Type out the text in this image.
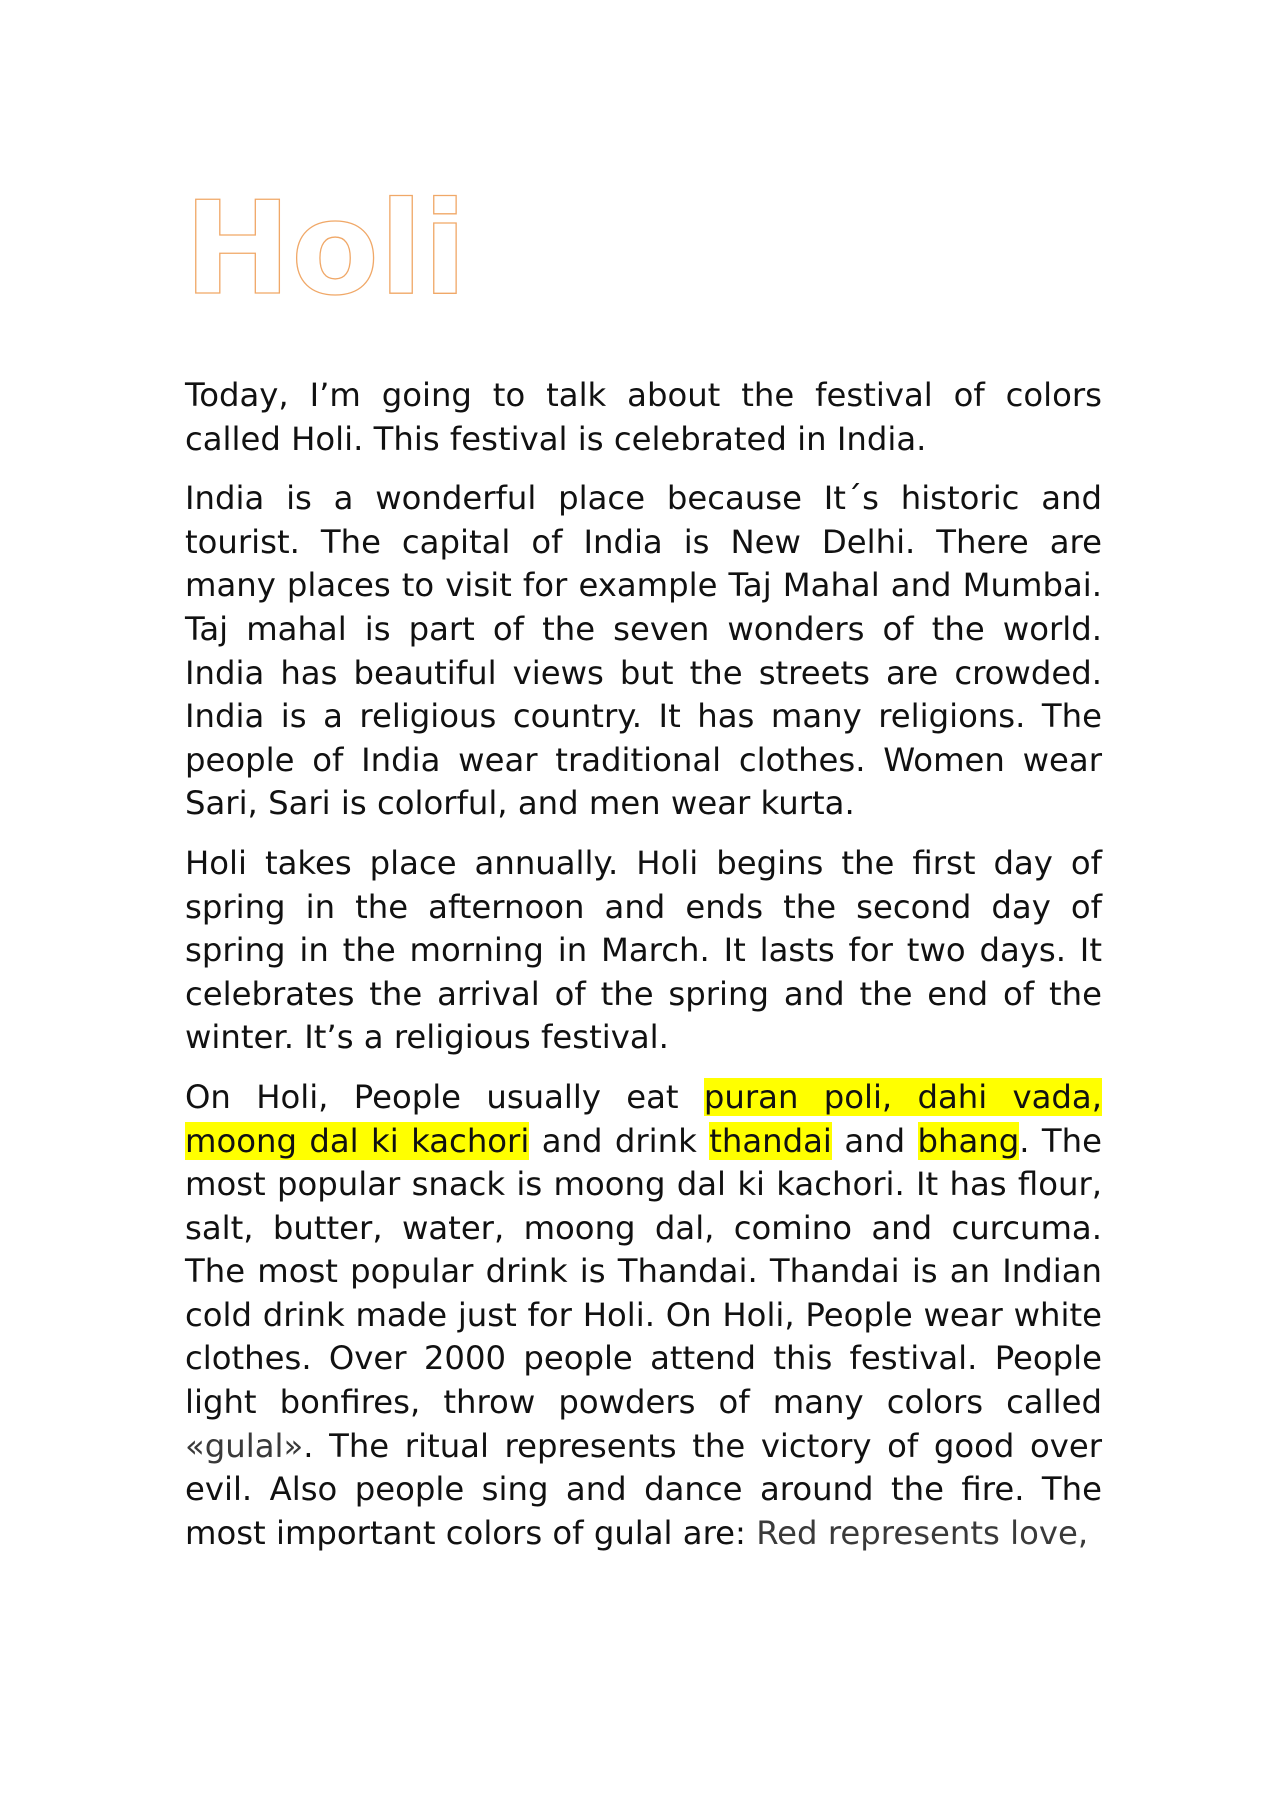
Holi

Today, I’m going to talk about the festival of colors called Holi. This festival is celebrated in India.

India is a wonderful place because It´s historic and tourist. The capital of India is New Delhi. There are many places to visit for example Taj Mahal and Mumbai. Taj mahal is part of the seven wonders of the world. India has beautiful views but the streets are crowded. India is a religious country. It has many religions. The people of India wear traditional clothes. Women wear Sari, Sari is colorful, and men wear kurta.

Holi takes place annually. Holi begins the first day of spring in the afternoon and ends the second day of spring in the morning in March. It lasts for two days. It celebrates the arrival of the spring and the end of the winter. It’s a religious festival.

On Holi, People usually eat puran poli, dahi vada, moong dal ki kachori and drink thandai and bhang. The most popular snack is moong dal ki kachori. It has flour, salt, butter, water, moong dal, comino and curcuma. The most popular drink is Thandai. Thandai is an Indian cold drink made just for Holi. On Holi, People wear white clothes. Over 2000 people attend this festival. People light bonfires, throw powders of many colors called «gulal». The ritual represents the victory of good over evil. Also people sing and dance around the fire. The most important colors of gulal are: Red represents love,
